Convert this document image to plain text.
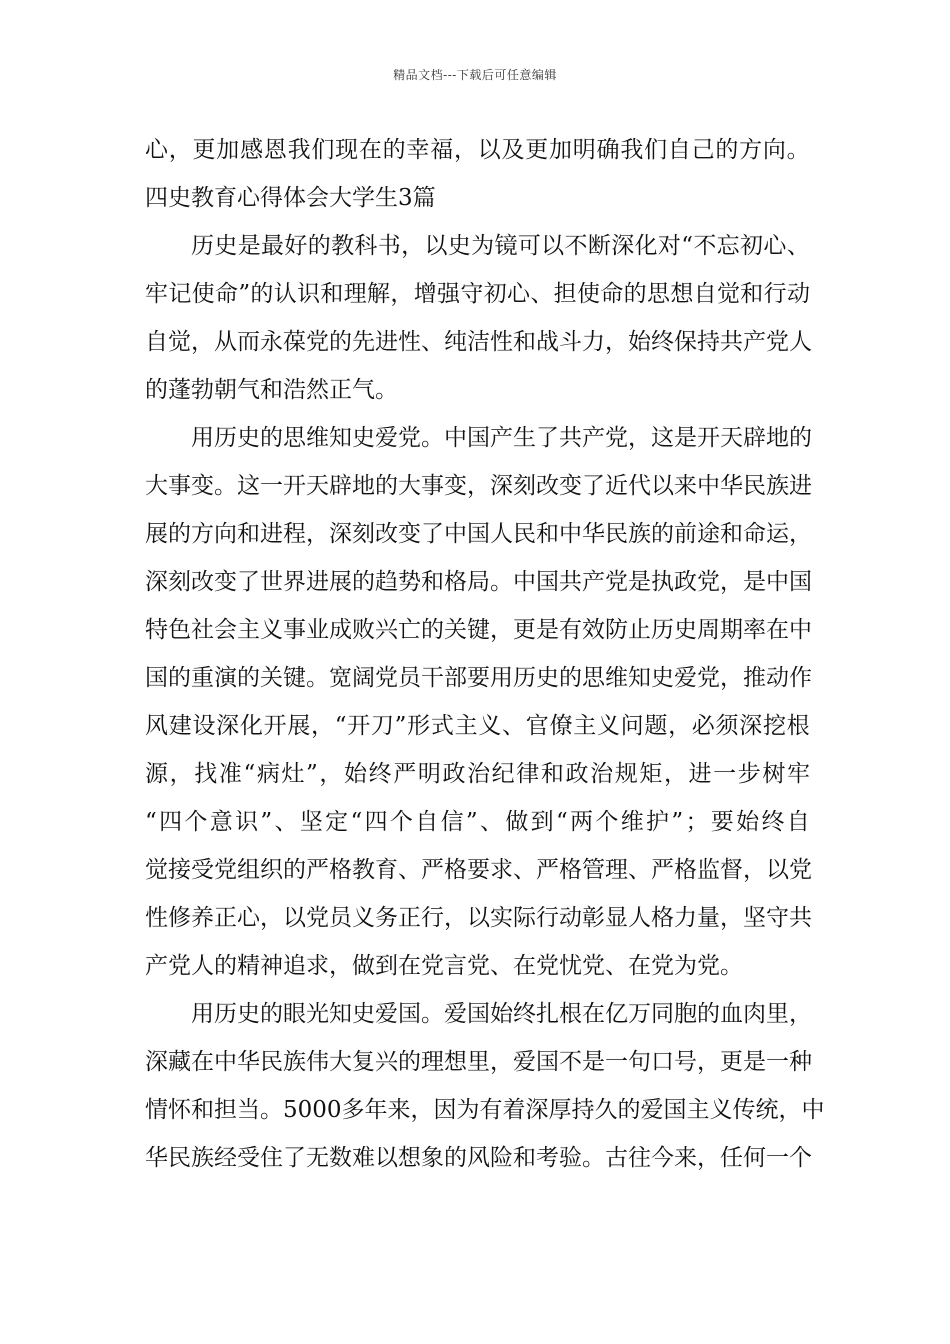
精品文档---下载后可任意编辑
心 ， 更 加 感 恩 我 们 现 在 的 幸 福 ， 以 及 更 加 明 确 我 们 自 己 的 方 向 。
四史教育心得体会大学生3篇
历 史 是 最 好 的 教 科 书 ， 以 史 为 镜 可 以 不 断 深 化 对 “ 不 忘 初 心 、
牢 记 使 命 ” 的 认 识 和 理 解 ， 增 强 守 初 心 、 担 使 命 的 思 想 自 觉 和 行 动
自 觉 ， 从 而 永 葆 党 的 先 进 性 、 纯 洁 性 和 战 斗 力 ， 始 终 保 持 共 产 党 人
的蓬勃朝气和浩然正气。
用 历 史 的 思 维 知 史 爱 党 。 中 国 产 生 了 共 产 党 ， 这 是 开 天 辟 地 的
大 事 变 。 这 一 开 天 辟 地 的 大 事 变 ， 深 刻 改 变 了 近 代 以 来 中 华 民 族 进
展 的 方 向 和 进 程 ， 深 刻 改 变 了 中 国 人 民 和 中 华 民 族 的 前 途 和 命 运 ，
深 刻 改 变 了 世 界 进 展 的 趋 势 和 格 局 。 中 国 共 产 党 是 执 政 党 ， 是 中 国
特 色 社 会 主 义 事 业 成 败 兴 亡 的 关 键 ， 更 是 有 效 防 止 历 史 周 期 率 在 中
国 的 重 演 的 关 键 。 宽 阔 党 员 干 部 要 用 历 史 的 思 维 知 史 爱 党 ， 推 动 作
风 建 设 深 化 开 展 ， “ 开 刀 ” 形 式 主 义 、 官 僚 主 义 问 题 ， 必 须 深 挖 根
源 ， 找 准 “ 病 灶 ” ， 始 终 严 明 政 治 纪 律 和 政 治 规 矩 ， 进 一 步 树 牢
“ 四 个 意 识 ” 、 坚 定 “ 四 个 自 信 ” 、 做 到 “ 两 个 维 护 ” ； 要 始 终 自
觉 接 受 党 组 织 的 严 格 教 育 、 严 格 要 求 、 严 格 管 理 、 严 格 监 督 ， 以 党
性 修 养 正 心 ， 以 党 员 义 务 正 行 ， 以 实 际 行 动 彰 显 人 格 力 量 ， 坚 守 共
产党人的精神追求，做到在党言党、在党忧党、在党为党。
用 历 史 的 眼 光 知 史 爱 国 。 爱 国 始 终 扎 根 在 亿 万 同 胞 的 血 肉 里 ，
深 藏 在 中 华 民 族 伟 大 复 兴 的 理 想 里 ， 爱 国 不 是 一 句 口 号 ， 更 是 一 种
情 怀 和 担 当 。 5000 多 年 来 ， 因 为 有 着 深 厚 持 久 的 爱 国 主 义 传 统 ， 中
华 民 族 经 受 住 了 无 数 难 以 想 象 的 风 险 和 考 验 。 古 往 今 来 ， 任 何 一 个
